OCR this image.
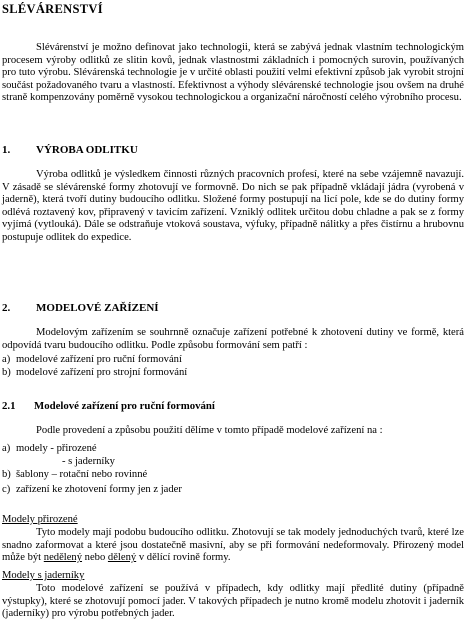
SLÉVÁRENSTVÍ

Slévárenství je možno definovat jako technologii, která se zabývá jednak vlastním technologickým procesem výroby odlitků ze slitin kovů, jednak vlastnostmi základních i pomocných surovin, používaných pro tuto výrobu. Slévárenská technologie je v určité oblasti použití velmi efektivní způsob jak vyrobit strojní součást požadovaného tvaru a vlastností. Efektivnost a výhody slévárenské technologie jsou ovšem na druhé straně kompenzovány poměrně vysokou technologickou a organizační náročností celého výrobního procesu.

1. VÝROBA ODLITKU

Výroba odlitků je výsledkem činnosti různých pracovních profesí, které na sebe vzájemně navazují. V zásadě se slévárenské formy zhotovují ve formovně. Do nich se pak případně vkládají jádra (vyrobená v jaderně), která tvoří dutiny budoucího odlitku. Složené formy postupují na licí pole, kde se do dutiny formy odlévá roztavený kov, připravený v tavicím zařízení. Vzniklý odlitek určitou dobu chladne a pak se z formy vyjímá (vytlouká). Dále se odstraňuje vtoková soustava, výfuky, případně nálitky a přes čistírnu a hrubovnu postupuje odlitek do expedice.

2. MODELOVÉ ZAŘÍZENÍ

Modelovým zařízením se souhrnně označuje zařízení potřebné k zhotovení dutiny ve formě, která odpovídá tvaru budoucího odlitku. Podle způsobu formování sem patří :

a) modelové zařízení pro ruční formování
b) modelové zařízení pro strojní formování
2.1 Modelové zařízení pro ruční formování

Podle provedení a způsobu použití dělíme v tomto případě modelové zařízení na :

a) modely - přirozené
- s jaderníky
b) šablony – rotační nebo rovinné
c) zařízení ke zhotovení formy jen z jader
Modely přirozené

Tyto modely mají podobu budoucího odlitku. Zhotovují se tak modely jednoduchých tvarů, které lze snadno zaformovat a které jsou dostatečně masivní, aby se při formování nedeformovaly. Přirozený model může být nedělený nebo dělený v dělící rovině formy.

Modely s jaderníky

Toto modelové zařízení se používá v případech, kdy odlitky mají předlité dutiny (případně výstupky), které se zhotovují pomocí jader. V takových případech je nutno kromě modelu zhotovit i jaderník (jaderníky) pro výrobu potřebných jader.
